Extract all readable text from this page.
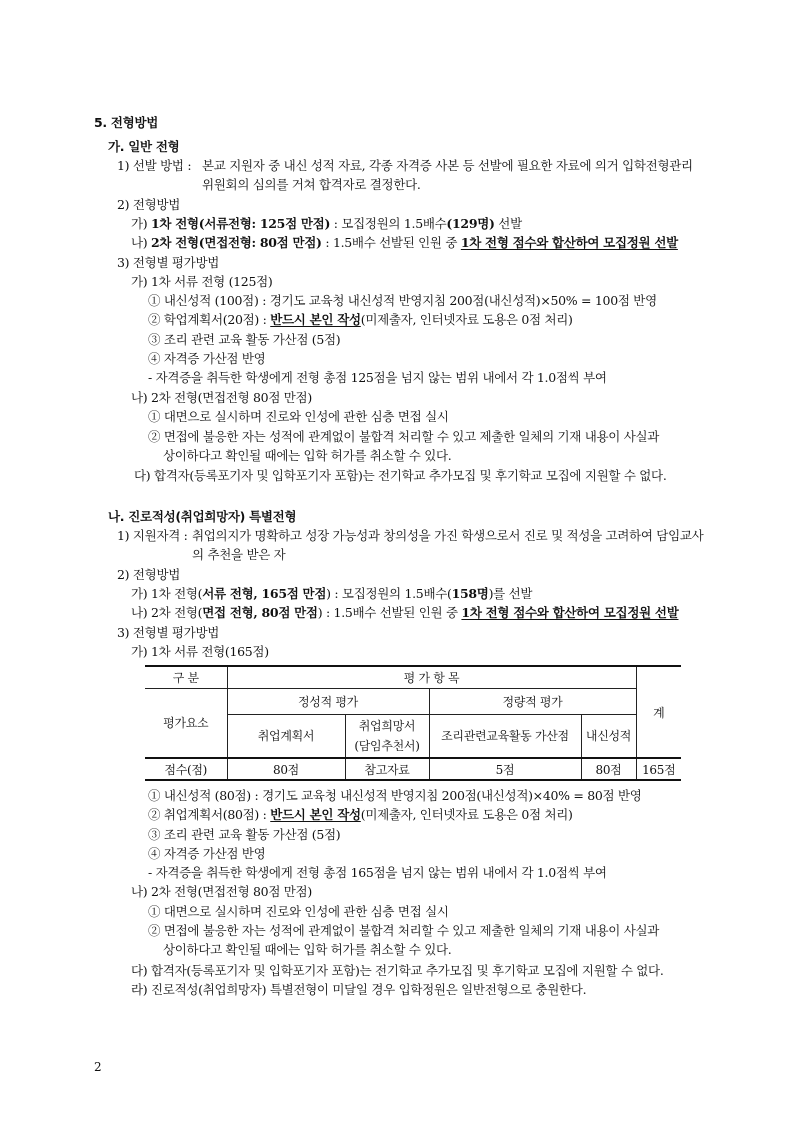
5. 전형방법
가. 일반 전형
1) 선발 방법 : 본교 지원자 중 내신 성적 자료, 각종 자격증 사본 등 선발에 필요한 자료에 의거 입학전형관리
위원회의 심의를 거쳐 합격자로 결정한다.
2) 전형방법
가) 1차 전형(서류전형: 125점 만점) : 모집정원의 1.5배수(129명) 선발
나) 2차 전형(면접전형: 80점 만점) : 1.5배수 선발된 인원 중 1차 전형 점수와 합산하여 모집정원 선발
3) 전형별 평가방법
가) 1차 서류 전형 (125점)
① 내신성적 (100점) : 경기도 교육청 내신성적 반영지침 200점(내신성적)×50% = 100점 반영
② 학업계획서(20점) : 반드시 본인 작성(미제출자, 인터넷자료 도용은 0점 처리)
③ 조리 관련 교육 활동 가산점 (5점)
④ 자격증 가산점 반영
- 자격증을 취득한 학생에게 전형 총점 125점을 넘지 않는 범위 내에서 각 1.0점씩 부여
나) 2차 전형(면접전형 80점 만점)
① 대면으로 실시하며 진로와 인성에 관한 심층 면접 실시
② 면접에 불응한 자는 성적에 관계없이 불합격 처리할 수 있고 제출한 일체의 기재 내용이 사실과
상이하다고 확인될 때에는 입학 허가를 취소할 수 있다.
다) 합격자(등록포기자 및 입학포기자 포함)는 전기학교 추가모집 및 후기학교 모집에 지원할 수 없다.
나. 진로적성(취업희망자) 특별전형
1) 지원자격 : 취업의지가 명확하고 성장 가능성과 창의성을 가진 학생으로서 진로 및 적성을 고려하여 담임교사
의 추천을 받은 자
2) 전형방법
가) 1차 전형(서류 전형, 165점 만점) : 모집정원의 1.5배수(158명)를 선발
나) 2차 전형(면접 전형, 80점 만점) : 1.5배수 선발된 인원 중 1차 전형 점수와 합산하여 모집정원 선발
3) 전형별 평가방법
가) 1차 서류 전형(165점)
구 분	평 가 항 목				계
평가요소	정성적 평가		정량적 평가		
	취업계획서	취업희망서
(담임추천서)	조리관련교육활동 가산점	내신성적	
점수(점)	80점	참고자료	5점	80점	165점
① 내신성적 (80점) : 경기도 교육청 내신성적 반영지침 200점(내신성적)×40% = 80점 반영
② 취업계획서(80점) : 반드시 본인 작성(미제출자, 인터넷자료 도용은 0점 처리)
③ 조리 관련 교육 활동 가산점 (5점)
④ 자격증 가산점 반영
- 자격증을 취득한 학생에게 전형 총점 165점을 넘지 않는 범위 내에서 각 1.0점씩 부여
나) 2차 전형(면접전형 80점 만점)
① 대면으로 실시하며 진로와 인성에 관한 심층 면접 실시
② 면접에 불응한 자는 성적에 관계없이 불합격 처리할 수 있고 제출한 일체의 기재 내용이 사실과
상이하다고 확인될 때에는 입학 허가를 취소할 수 있다.
다) 합격자(등록포기자 및 입학포기자 포함)는 전기학교 추가모집 및 후기학교 모집에 지원할 수 없다.
라) 진로적성(취업희망자) 특별전형이 미달일 경우 입학정원은 일반전형으로 충원한다.
2
